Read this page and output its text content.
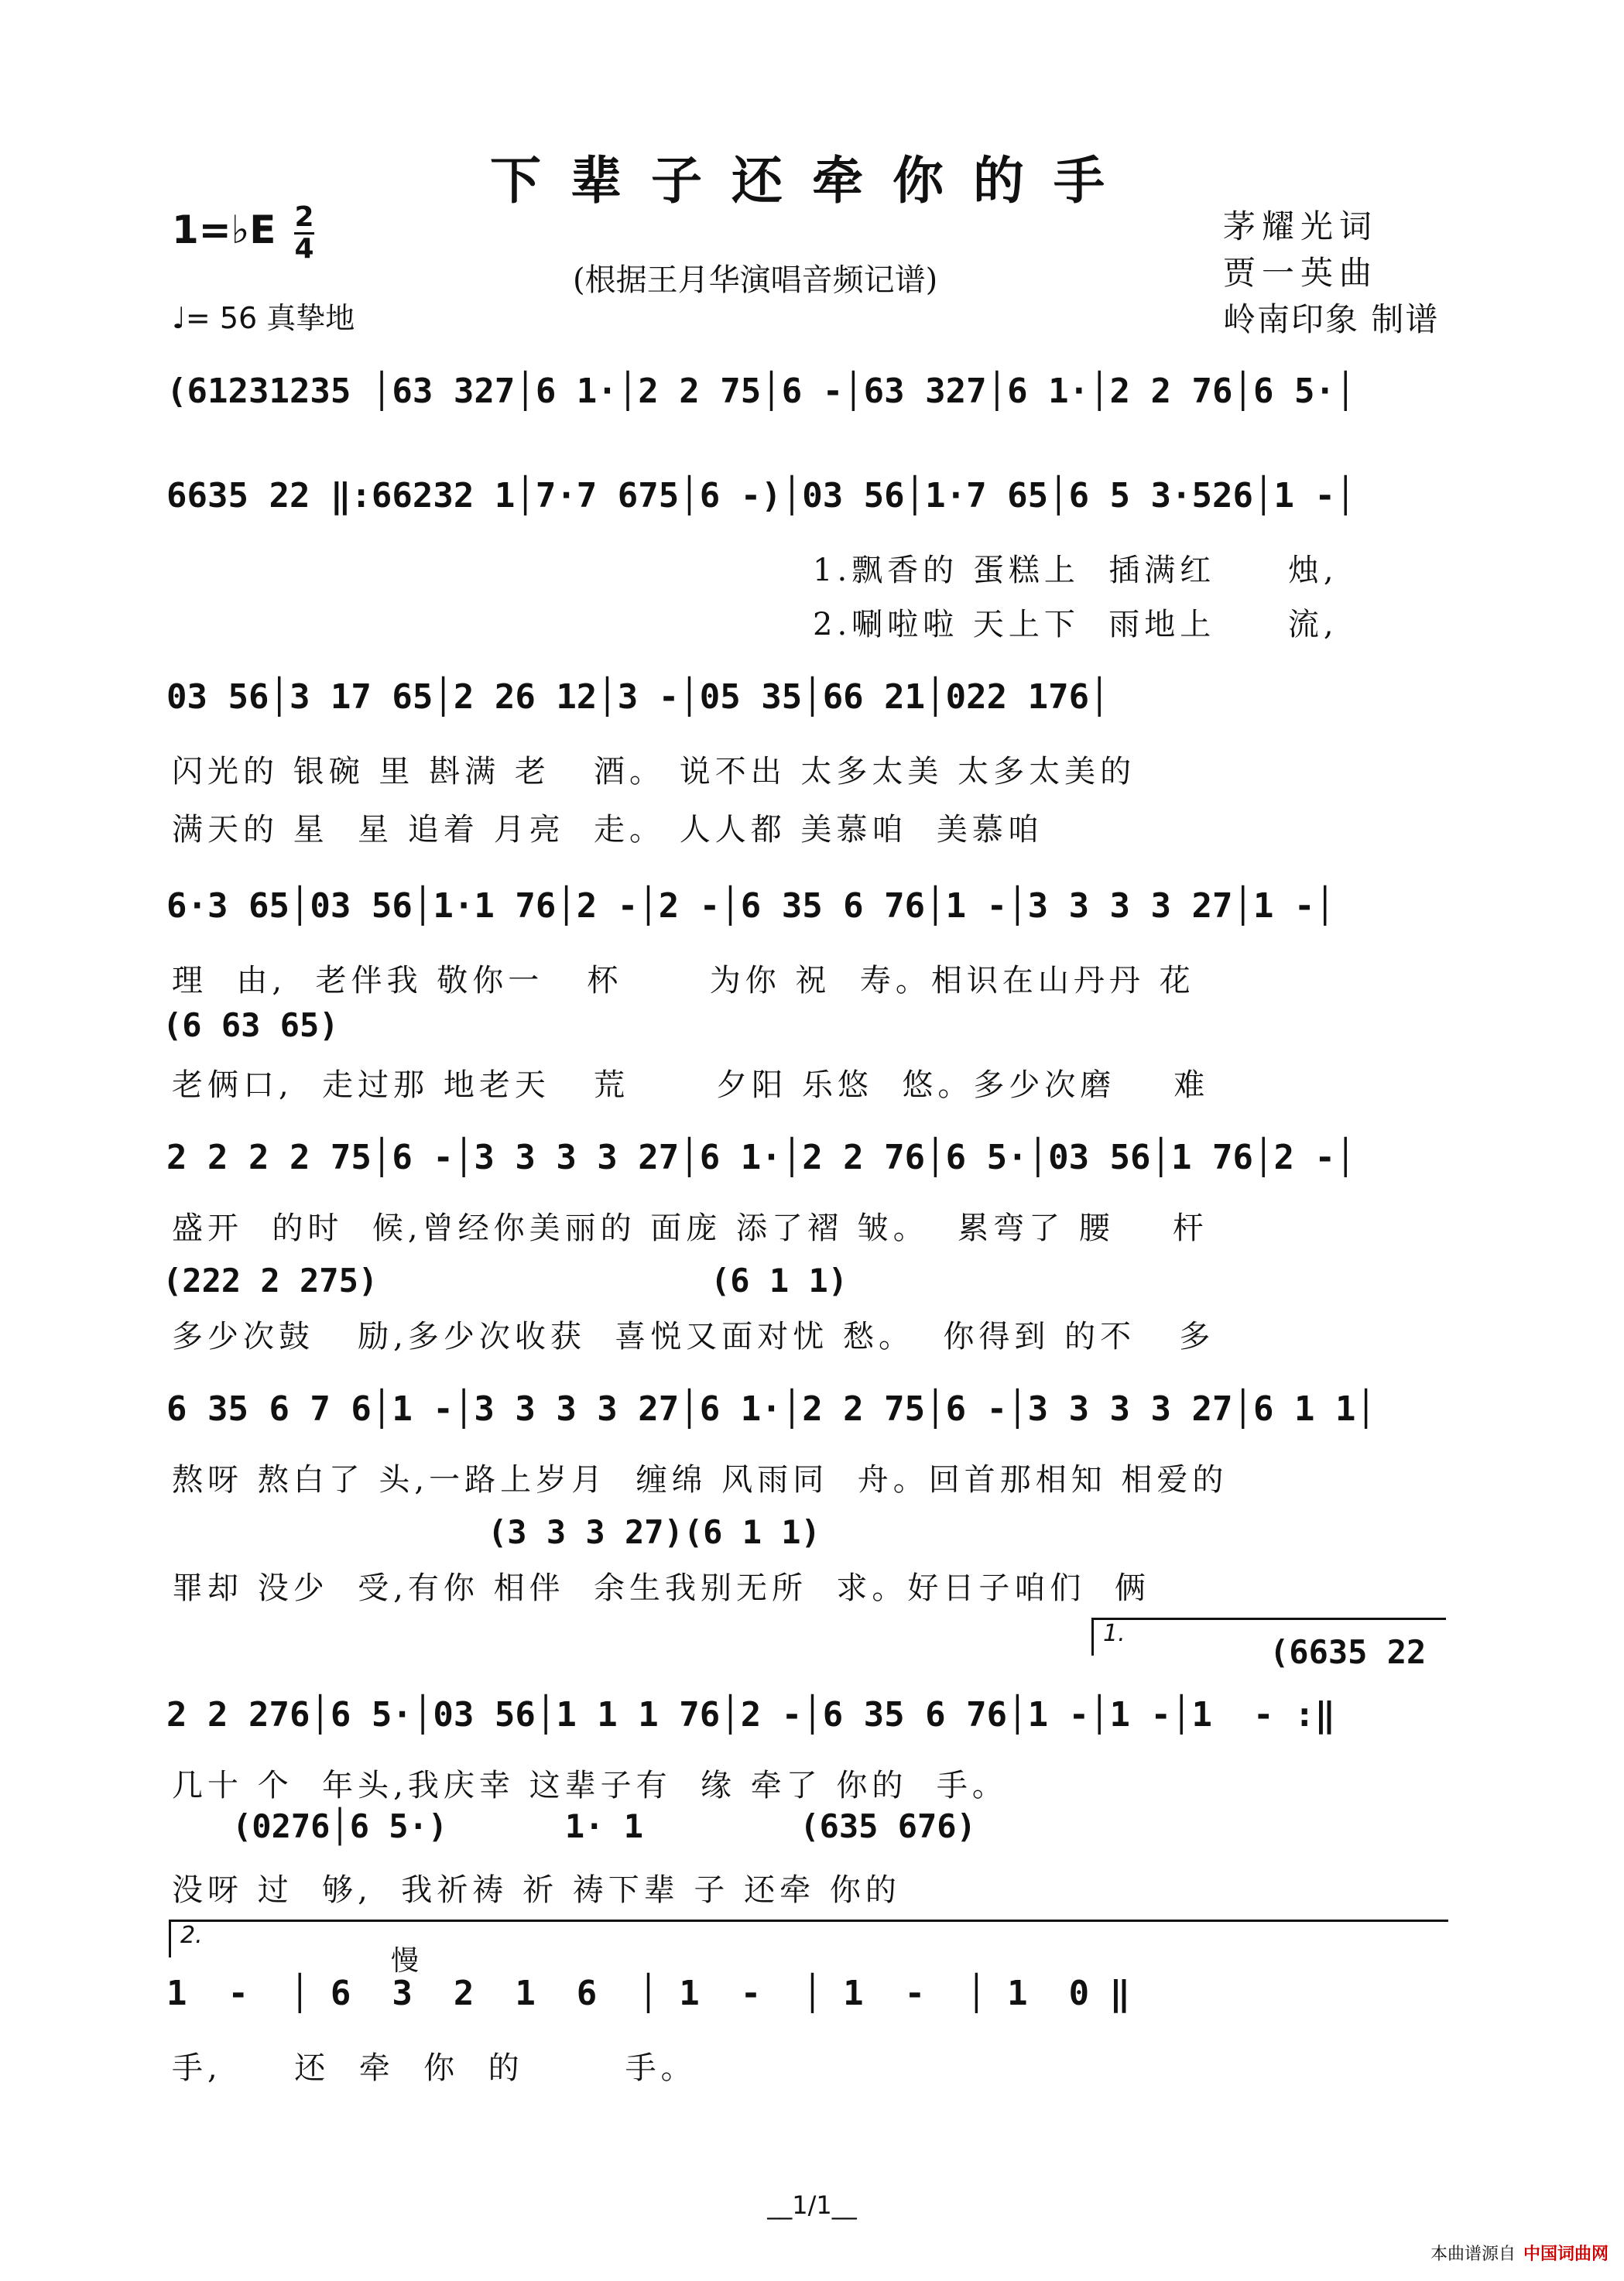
下辈子还牵你的手
茅耀光词
贾一英曲
岭南印象 制谱
(根据王月华演唱音频记谱)
1=♭E 2
4
♩= 56 真挚地
(61231235 │63 327│6 1·│2 2 75│6 -│63 327│6 1·│2 2 76│6 5·│
6635 22 ‖:66232 1│7·7 675│6 -)│03 56│1·7 65│6 5 3·526│1 -│
1.飘香的 蛋糕上  插满红     烛,
2.唰啦啦 天上下  雨地上     流,
03 56│3 17 65│2 26 12│3 -│05 35│66 21│022 176│
闪光的 银碗 里 斟满 老   酒。 说不出 太多太美 太多太美的
满天的 星  星 追着 月亮  走。 人人都 美慕咱  美慕咱
6·3 65│03 56│1·1 76│2 -│2 -│6 35 6 76│1 -│3 3 3 3 27│1 -│
理  由,  老伴我 敬你一   杯      为你 祝  寿。相识在山丹丹 花
(6 63 65)
老俩口,  走过那 地老天   荒      夕阳 乐悠  悠。多少次磨    难
2 2 2 2 75│6 -│3 3 3 3 27│6 1·│2 2 76│6 5·│03 56│1 76│2 -│
盛开  的时  候,曾经你美丽的 面庞 添了褶 皱。  累弯了 腰    杆
(222 2 275)                 (6 1 1)
多少次鼓   励,多少次收获  喜悦又面对忧 愁。  你得到 的不   多
6 35 6 7 6│1 -│3 3 3 3 27│6 1·│2 2 75│6 -│3 3 3 3 27│6 1 1│
熬呀 熬白了 头,一路上岁月  缠绵 风雨同  舟。回首那相知 相爱的
(3 3 3 27)(6 1 1)
罪却 没少  受,有你 相伴  余生我别无所  求。好日子咱们  俩
1.	(6635 22
2 2 276│6 5·│03 56│1 1 1 76│2 -│6 35 6 76│1 -│1 -│1  - :‖
几十 个  年头,我庆幸 这辈子有  缘 牵了 你的  手。
(0276│6 5·)      1· 1        (635 676)
没呀 过  够,  我祈祷 祈 祷下辈 子 还牵 你的
2.
慢
1  -  │ 6  3  2  1  6  │ 1  -  │ 1  -  │ 1  0 ‖
手,     还  牵  你  的       手。
__1/1__
本曲谱源自 中国词曲网
